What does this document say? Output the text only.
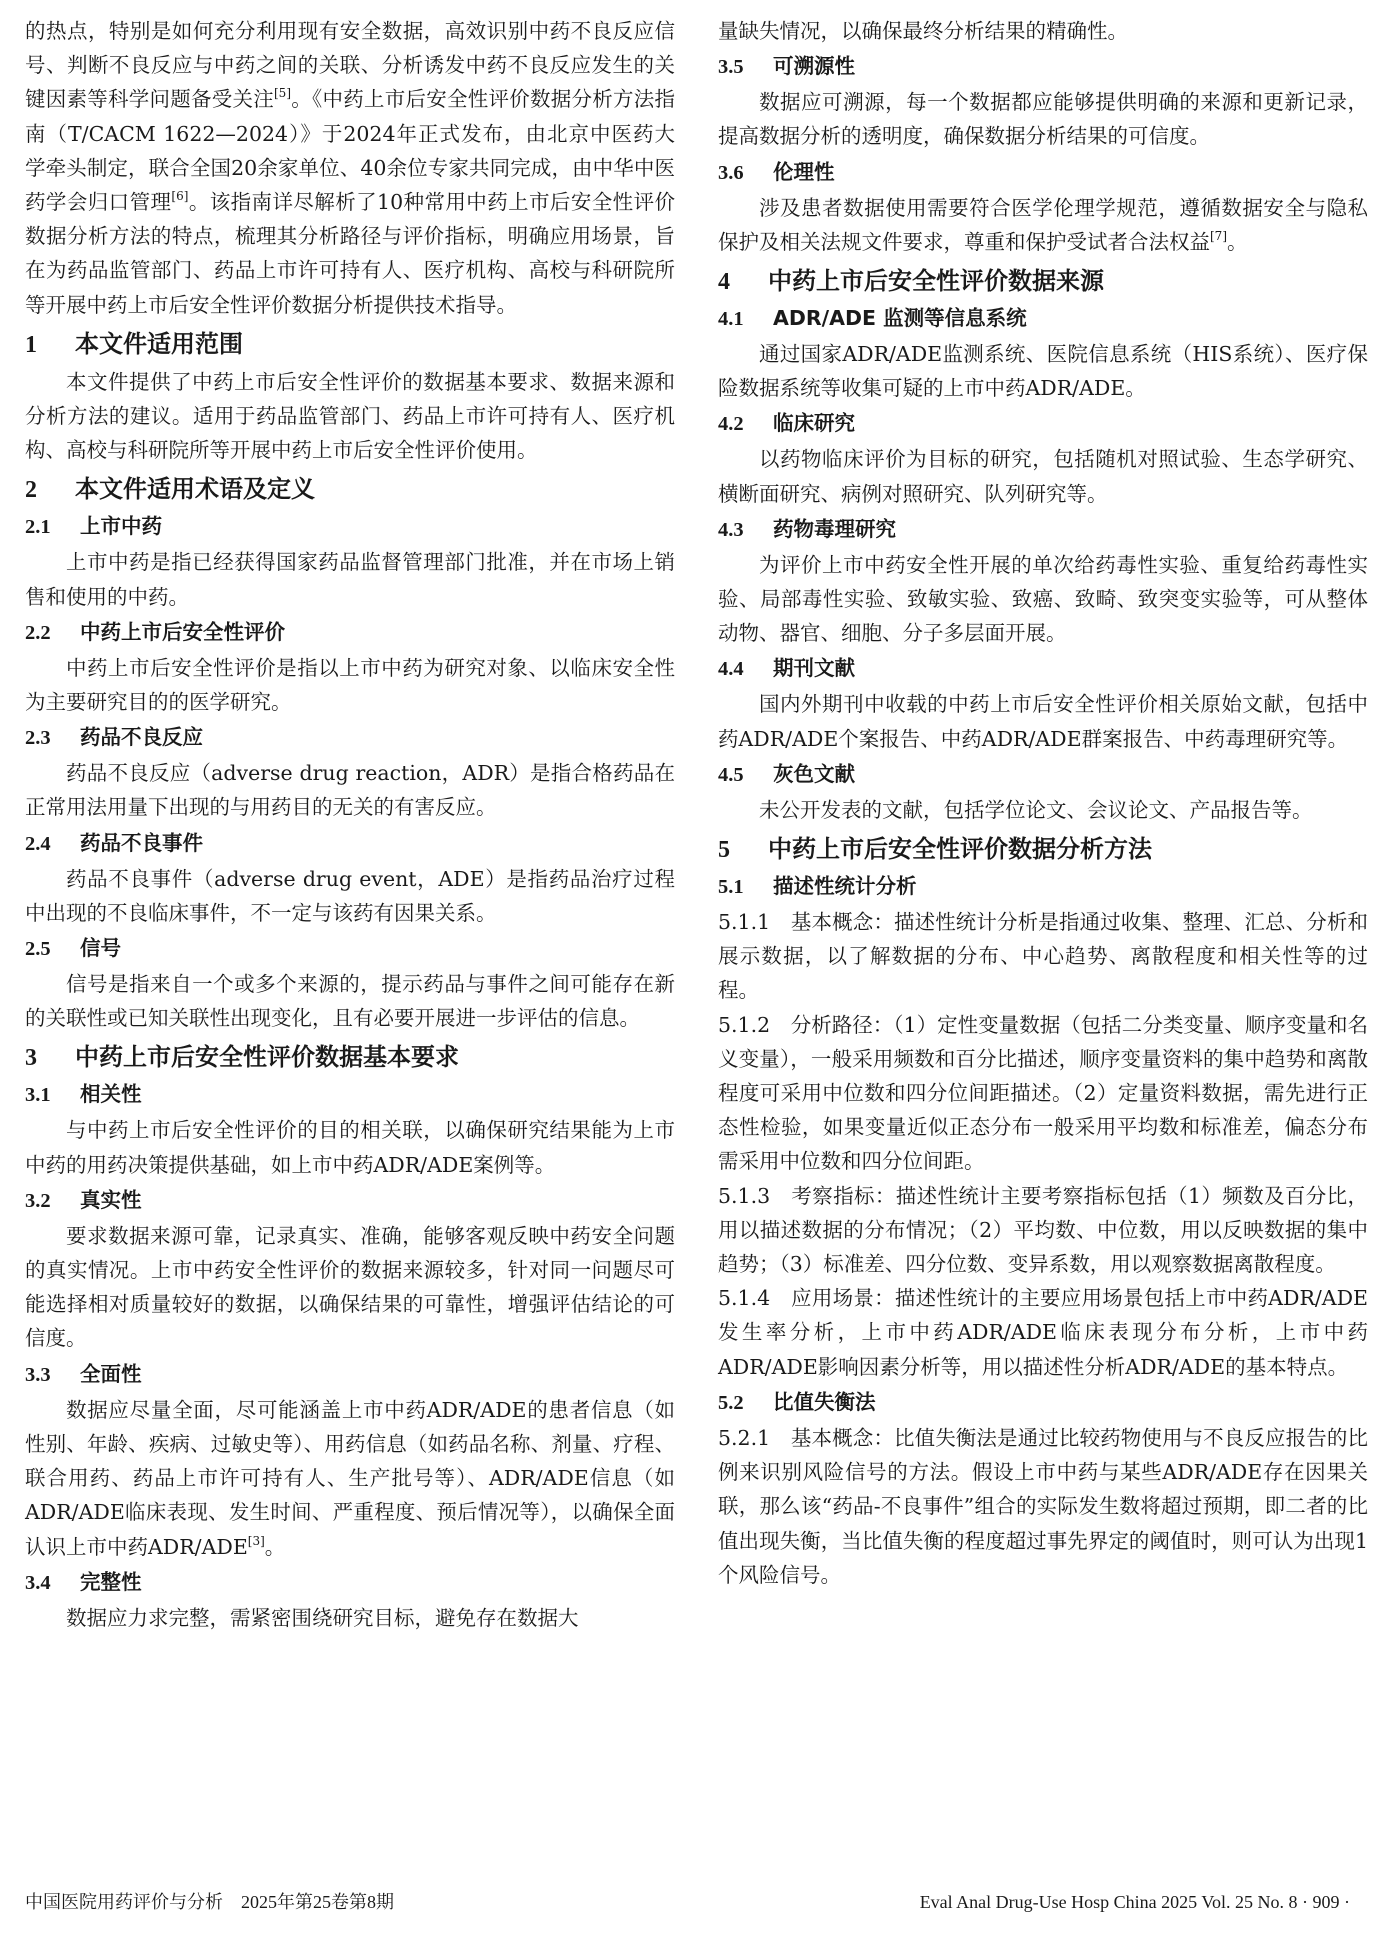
的热点，特别是如何充分利用现有安全数据，高效识别中药不良反应信号、判断不良反应与中药之间的关联、分析诱发中药不良反应发生的关键因素等科学问题备受关注[5]。《中药上市后安全性评价数据分析方法指南（T/CACM 1622—2024）》于2024年正式发布，由北京中医药大学牵头制定，联合全国20余家单位、40余位专家共同完成，由中华中医药学会归口管理[6]。该指南详尽解析了10种常用中药上市后安全性评价数据分析方法的特点，梳理其分析路径与评价指标，明确应用场景，旨在为药品监管部门、药品上市许可持有人、医疗机构、高校与科研院所等开展中药上市后安全性评价数据分析提供技术指导。

1 本文件适用范围

本文件提供了中药上市后安全性评价的数据基本要求、数据来源和分析方法的建议。适用于药品监管部门、药品上市许可持有人、医疗机构、高校与科研院所等开展中药上市后安全性评价使用。

2 本文件适用术语及定义
2.1 上市中药

上市中药是指已经获得国家药品监督管理部门批准，并在市场上销售和使用的中药。

2.2 中药上市后安全性评价

中药上市后安全性评价是指以上市中药为研究对象、以临床安全性为主要研究目的的医学研究。

2.3 药品不良反应

药品不良反应（adverse drug reaction，ADR）是指合格药品在正常用法用量下出现的与用药目的无关的有害反应。

2.4 药品不良事件

药品不良事件（adverse drug event，ADE）是指药品治疗过程中出现的不良临床事件，不一定与该药有因果关系。

2.5 信号

信号是指来自一个或多个来源的，提示药品与事件之间可能存在新的关联性或已知关联性出现变化，且有必要开展进一步评估的信息。

3 中药上市后安全性评价数据基本要求
3.1 相关性

与中药上市后安全性评价的目的相关联，以确保研究结果能为上市中药的用药决策提供基础，如上市中药ADR/ADE案例等。

3.2 真实性

要求数据来源可靠，记录真实、准确，能够客观反映中药安全问题的真实情况。上市中药安全性评价的数据来源较多，针对同一问题尽可能选择相对质量较好的数据，以确保结果的可靠性，增强评估结论的可信度。

3.3 全面性

数据应尽量全面，尽可能涵盖上市中药ADR/ADE的患者信息（如性别、年龄、疾病、过敏史等）、用药信息（如药品名称、剂量、疗程、联合用药、药品上市许可持有人、生产批号等）、ADR/ADE信息（如ADR/ADE临床表现、发生时间、严重程度、预后情况等），以确保全面认识上市中药ADR/ADE[3]。

3.4 完整性

数据应力求完整，需紧密围绕研究目标，避免存在数据大

量缺失情况，以确保最终分析结果的精确性。

3.5 可溯源性

数据应可溯源，每一个数据都应能够提供明确的来源和更新记录，提高数据分析的透明度，确保数据分析结果的可信度。

3.6 伦理性

涉及患者数据使用需要符合医学伦理学规范，遵循数据安全与隐私保护及相关法规文件要求，尊重和保护受试者合法权益[7]。

4 中药上市后安全性评价数据来源
4.1 ADR/ADE 监测等信息系统

通过国家ADR/ADE监测系统、医院信息系统（HIS系统）、医疗保险数据系统等收集可疑的上市中药ADR/ADE。

4.2 临床研究

以药物临床评价为目标的研究，包括随机对照试验、生态学研究、横断面研究、病例对照研究、队列研究等。

4.3 药物毒理研究

为评价上市中药安全性开展的单次给药毒性实验、重复给药毒性实验、局部毒性实验、致敏实验、致癌、致畸、致突变实验等，可从整体动物、器官、细胞、分子多层面开展。

4.4 期刊文献

国内外期刊中收载的中药上市后安全性评价相关原始文献，包括中药ADR/ADE个案报告、中药ADR/ADE群案报告、中药毒理研究等。

4.5 灰色文献

未公开发表的文献，包括学位论文、会议论文、产品报告等。

5 中药上市后安全性评价数据分析方法
5.1 描述性统计分析

5.1.1　基本概念：描述性统计分析是指通过收集、整理、汇总、分析和展示数据，以了解数据的分布、中心趋势、离散程度和相关性等的过程。

5.1.2　分析路径：（1）定性变量数据（包括二分类变量、顺序变量和名义变量），一般采用频数和百分比描述，顺序变量资料的集中趋势和离散程度可采用中位数和四分位间距描述。（2）定量资料数据，需先进行正态性检验，如果变量近似正态分布一般采用平均数和标准差，偏态分布需采用中位数和四分位间距。

5.1.3　考察指标：描述性统计主要考察指标包括（1）频数及百分比，用以描述数据的分布情况；（2）平均数、中位数，用以反映数据的集中趋势；（3）标准差、四分位数、变异系数，用以观察数据离散程度。

5.1.4　应用场景：描述性统计的主要应用场景包括上市中药ADR/ADE发生率分析，上市中药ADR/ADE临床表现分布分析，上市中药ADR/ADE影响因素分析等，用以描述性分析ADR/ADE的基本特点。

5.2 比值失衡法

5.2.1　基本概念：比值失衡法是通过比较药物使用与不良反应报告的比例来识别风险信号的方法。假设上市中药与某些ADR/ADE存在因果关联，那么该“药品-不良事件”组合的实际发生数将超过预期，即二者的比值出现失衡，当比值失衡的程度超过事先界定的阈值时，则可认为出现1个风险信号。

中国医院用药评价与分析　2025年第25卷第8期	Eval Anal Drug-Use Hosp China 2025 Vol. 25 No. 8 · 909 ·
